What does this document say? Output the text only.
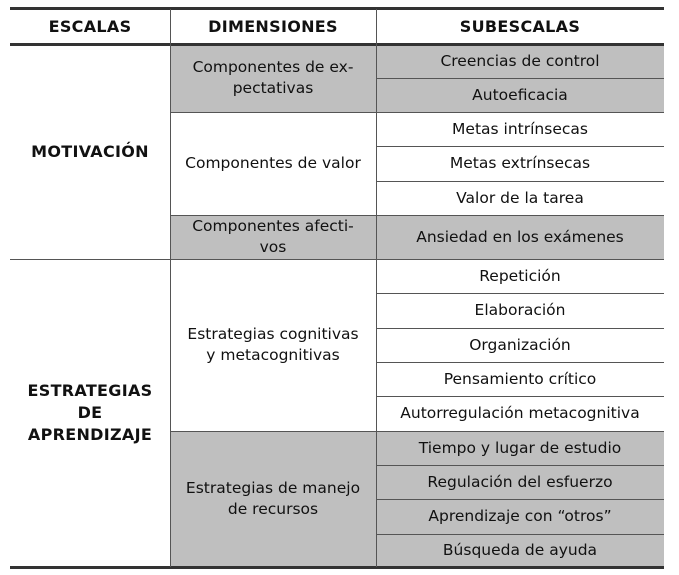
ESCALAS	DIMENSIONES	SUBESCALAS
MOTIVACIÓN
ESTRATEGIAS
DE
APRENDIZAJE
Componentes de ex-
pectativas
Componentes de valor
Componentes afecti-
vos
Estrategias cognitivas
y metacognitivas
Estrategias de manejo
de recursos
Creencias de control
Autoeficacia
Metas intrínsecas
Metas extrínsecas
Valor de la tarea
Ansiedad en los exámenes
Repetición
Elaboración
Organización
Pensamiento crítico
Autorregulación metacognitiva
Tiempo y lugar de estudio
Regulación del esfuerzo
Aprendizaje con “otros”
Búsqueda de ayuda
